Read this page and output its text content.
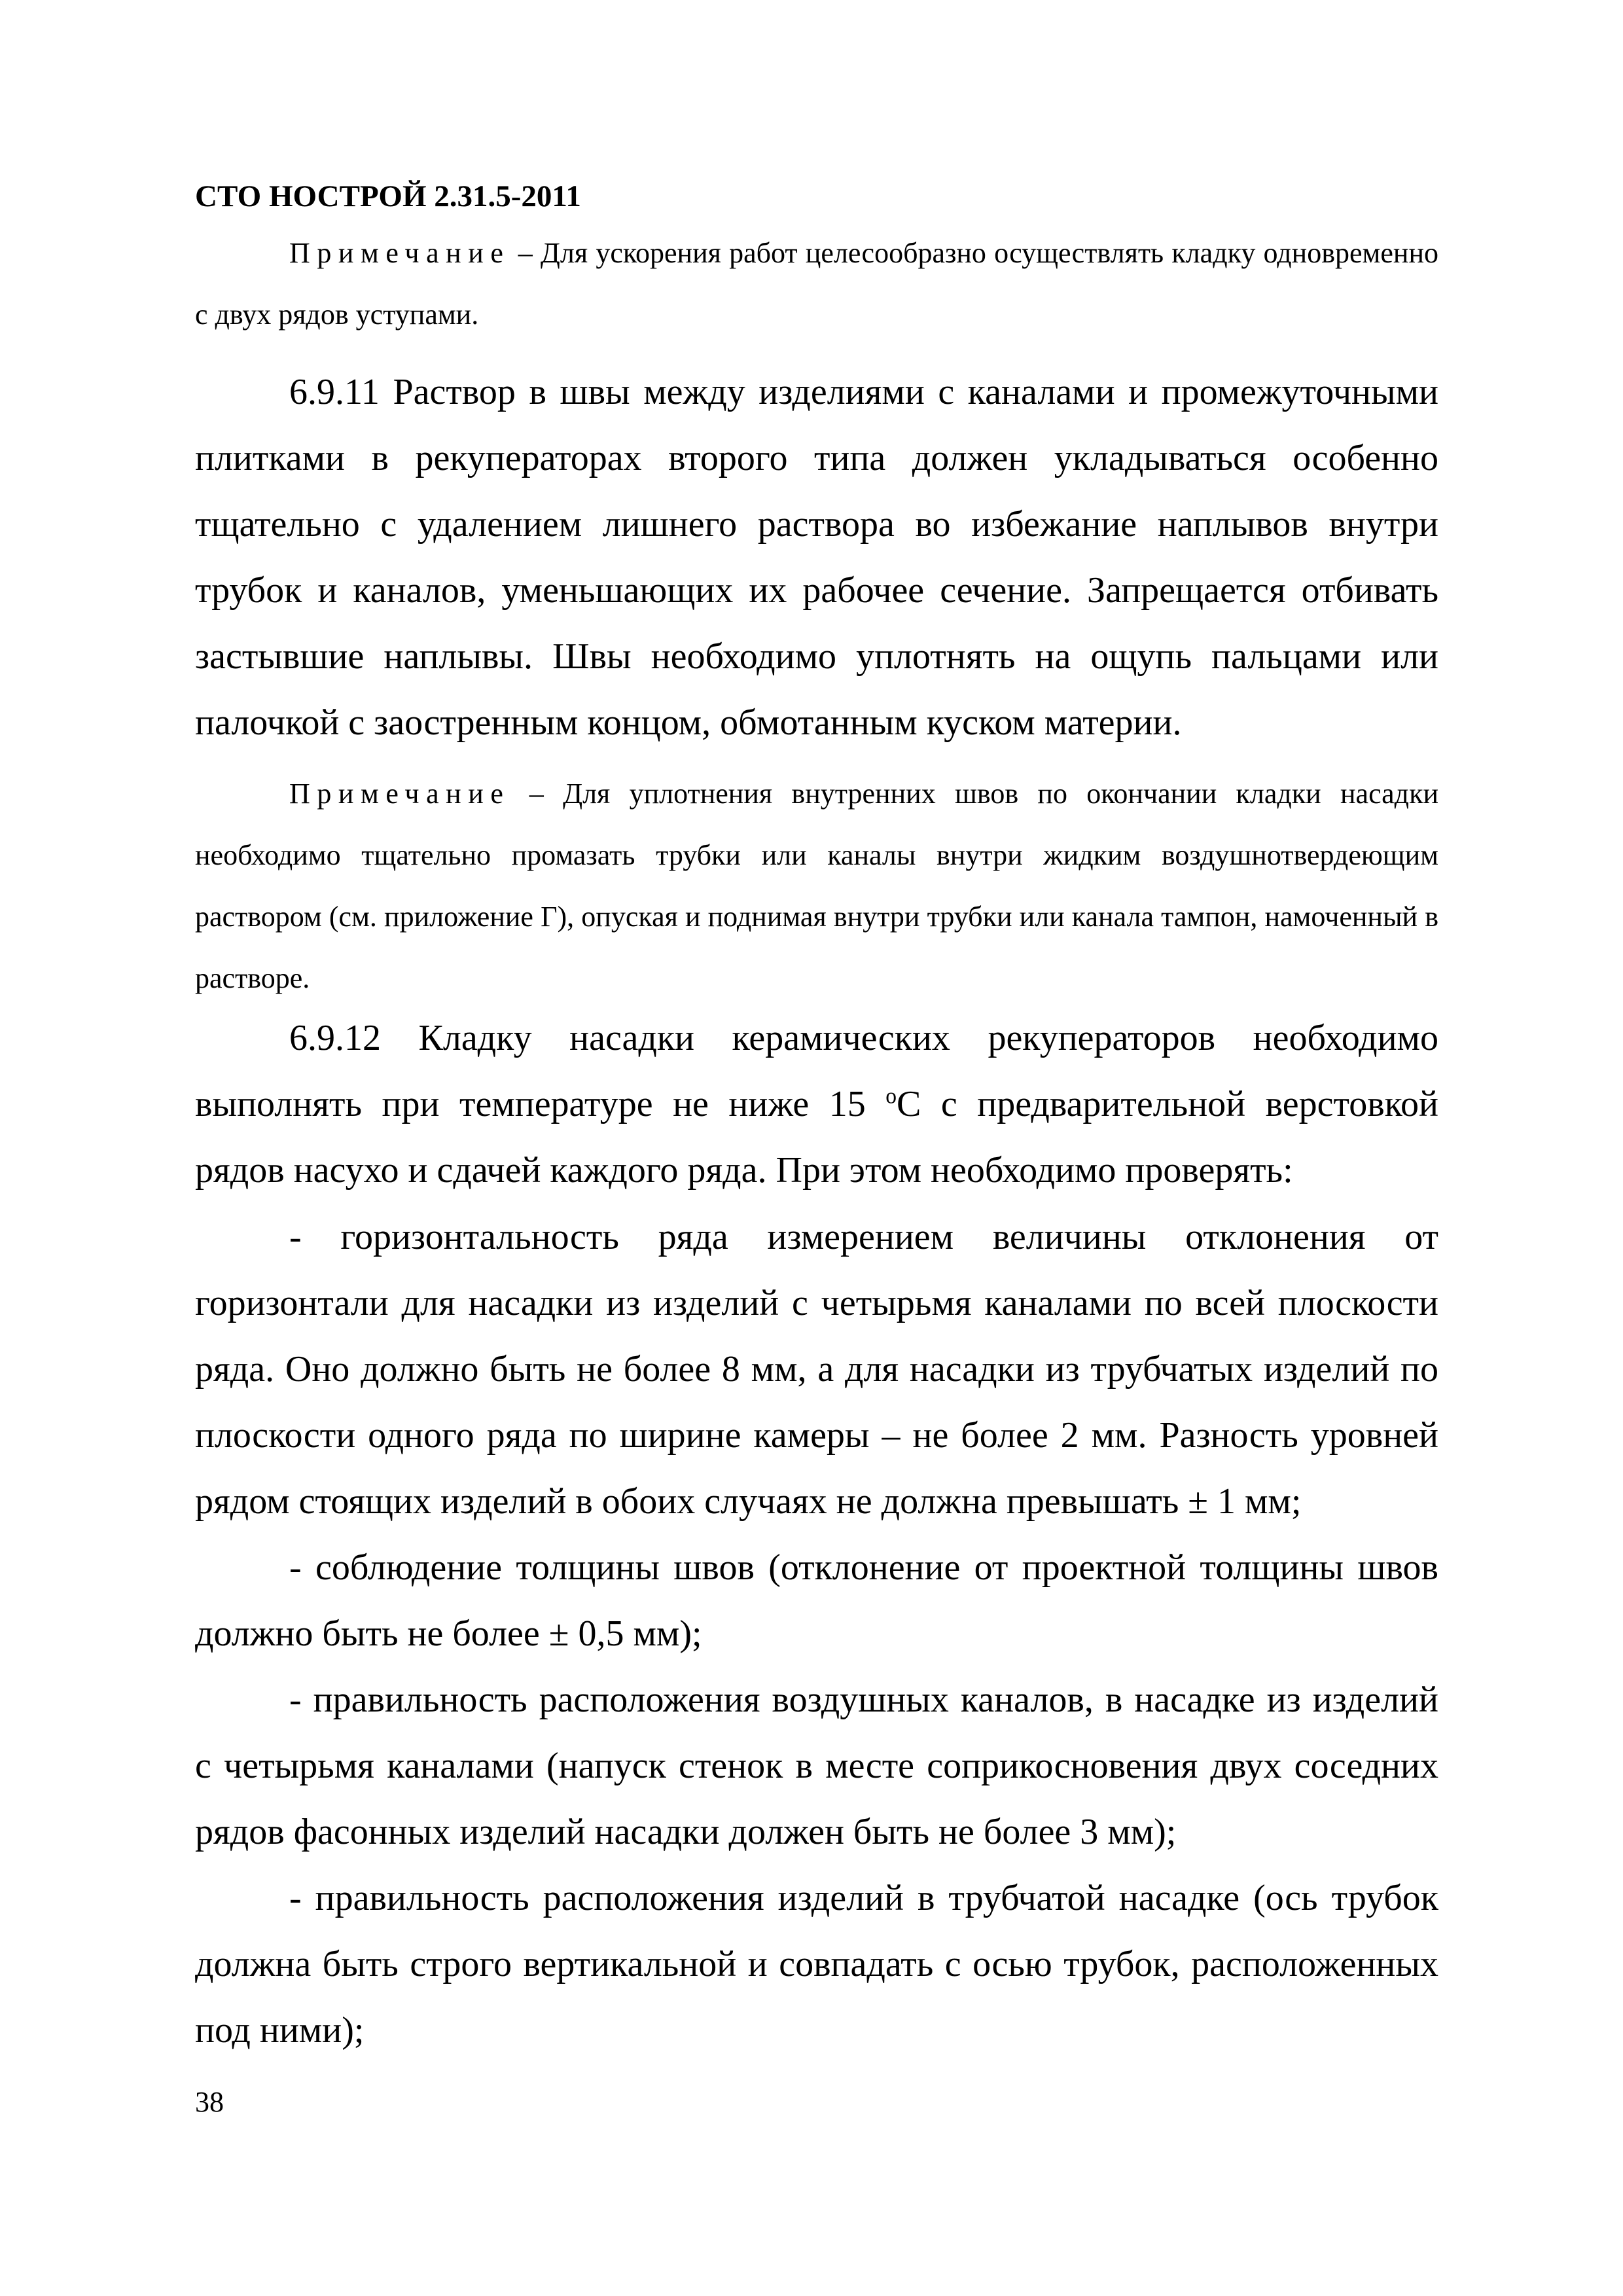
СТО НОСТРОЙ 2.31.5-2011

Примечание – Для ускорения работ целесообразно осуществлять кладку одновременно с двух рядов уступами.

6.9.11 Раствор в швы между изделиями с каналами и промежуточными плитками в рекуператорах второго типа должен укладываться особенно тщательно с удалением лишнего раствора во избежание наплывов внутри трубок и каналов, уменьшающих их рабочее сечение. Запрещается отбивать застывшие наплывы. Швы необходимо уплотнять на ощупь пальцами или палочкой с заостренным концом, обмотанным куском материи.

Примечание – Для уплотнения внутренних швов по окончании кладки насадки необходимо тщательно промазать трубки или каналы внутри жидким воздушнотвердеющим раствором (см. приложение Г), опуская и поднимая внутри трубки или канала тампон, намоченный в растворе.

6.9.12 Кладку насадки керамических рекуператоров необходимо выполнять при температуре не ниже 15 $^о$С с предварительной верстовкой рядов насухо и сдачей каждого ряда. При этом необходимо проверять:

- горизонтальность ряда измерением величины отклонения от горизонтали для насадки из изделий с четырьмя каналами по всей плоскости ряда. Оно должно быть не более 8 мм, а для насадки из трубчатых изделий по плоскости одного ряда по ширине камеры – не более 2 мм. Разность уровней рядом стоящих изделий в обоих случаях не должна превышать ± 1 мм;

- соблюдение толщины швов (отклонение от проектной толщины швов должно быть не более ± 0,5 мм);

- правильность расположения воздушных каналов, в насадке из изделий с четырьмя каналами (напуск стенок в месте соприкосновения двух соседних рядов фасонных изделий насадки должен быть не более 3 мм);

- правильность расположения изделий в трубчатой насадке (ось трубок должна быть строго вертикальной и совпадать с осью трубок, расположенных под ними);

38
